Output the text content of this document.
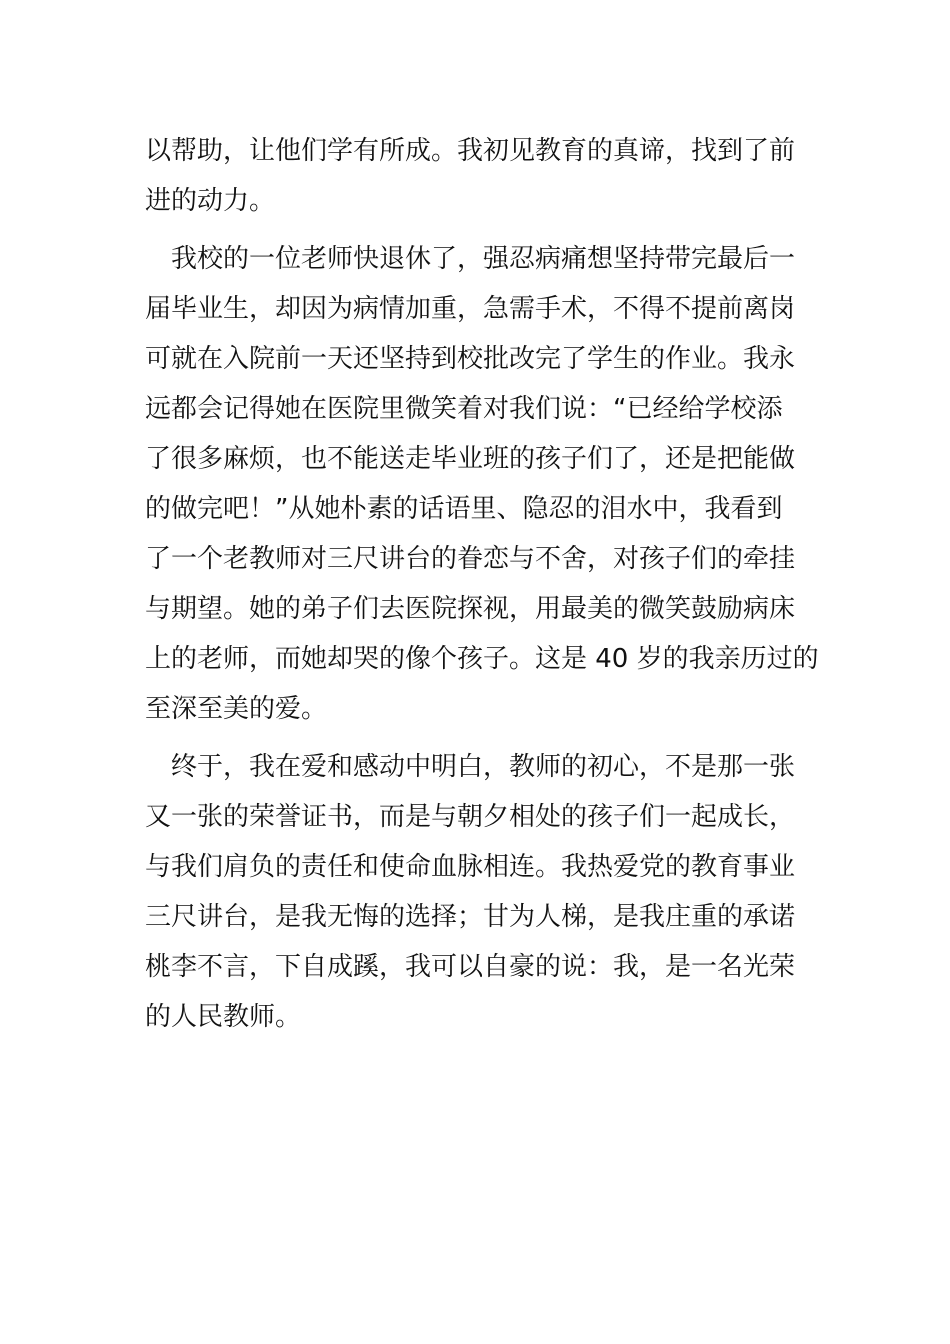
以帮助，让他们学有所成。我初见教育的真谛，找到了前
进的动力。
　我校的一位老师快退休了，强忍病痛想坚持带完最后一
届毕业生，却因为病情加重，急需手术，不得不提前离岗
可就在入院前一天还坚持到校批改完了学生的作业。我永
远都会记得她在医院里微笑着对我们说：“已经给学校添
了很多麻烦，也不能送走毕业班的孩子们了，还是把能做
的做完吧！”从她朴素的话语里、隐忍的泪水中，我看到
了一个老教师对三尺讲台的眷恋与不舍，对孩子们的牵挂
与期望。她的弟子们去医院探视，用最美的微笑鼓励病床
上的老师，而她却哭的像个孩子。这是 40 岁的我亲历过的
至深至美的爱。
　终于，我在爱和感动中明白，教师的初心，不是那一张
又一张的荣誉证书，而是与朝夕相处的孩子们一起成长，
与我们肩负的责任和使命血脉相连。我热爱党的教育事业
三尺讲台，是我无悔的选择；甘为人梯，是我庄重的承诺
桃李不言，下自成蹊，我可以自豪的说：我，是一名光荣
的人民教师。
